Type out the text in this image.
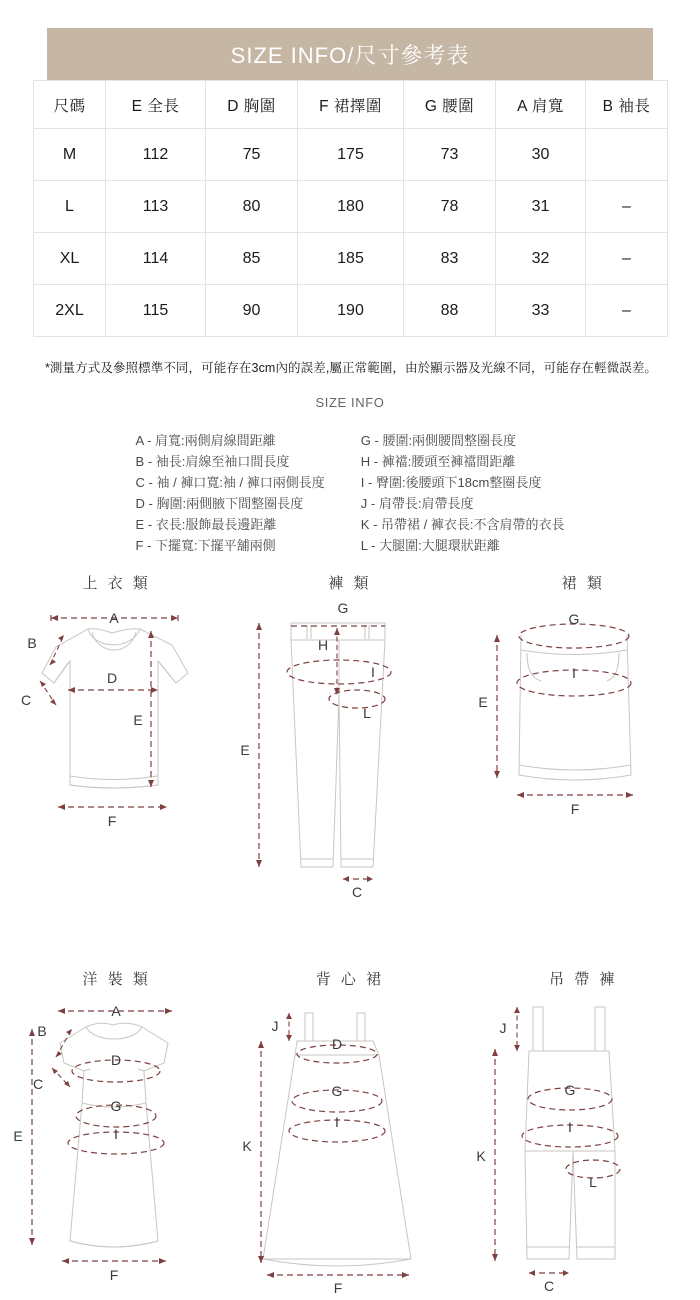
SIZE INFO/尺寸參考表
尺碼	E 全長	D 胸圍	F 裙擇圍	G 腰圍	A 肩寬	B 袖長
M	112	75	175	73	30	
L	113	80	180	78	31	–
XL	114	85	185	83	32	–
2XL	115	90	190	88	33	–
*測量方式及參照標準不同，可能存在3cm內的誤差,屬正常範圍，由於顯示器及光線不同，可能存在輕微誤差。
SIZE INFO
A - 肩寬:兩側肩線間距離
B - 袖長:肩線至袖口間長度
C - 袖 / 褲口寬:袖 / 褲口兩側長度
D - 胸圍:兩側腋下間整圈長度
E - 衣長:服飾最長邊距離
F - 下擺寬:下擺平舖兩側
G - 腰圍:兩側腰間整圈長度
H - 褲襠:腰頭至褲襠間距離
I - 臀圍:後腰頭下18cm整圈長度
J - 肩帶長:肩帶長度
K - 吊帶裙 / 褲衣長:不含肩帶的衣長
L - 大腿圍:大腿環狀距離
上 衣 類
A
B
C
D
E
F
褲 類
G
H
I
L
E
C
裙 類
G
I
E
F
洋 裝 類
A
B
C
D
G
I
E
F
背 心 裙
J
D
G
I
K
F
吊 帶 褲
J
G
I
L
K
C
